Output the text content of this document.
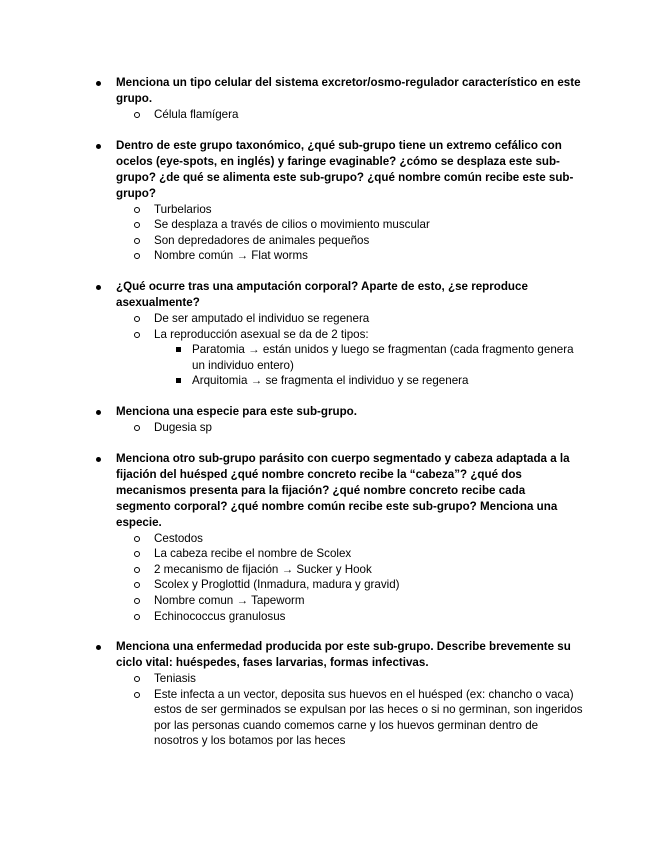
Menciona un tipo celular del sistema excretor/osmo-regulador característico en este grupo.
Célula flamígera
Dentro de este grupo taxonómico, ¿qué sub-grupo tiene un extremo cefálico con ocelos (eye-spots, en inglés) y faringe evaginable? ¿cómo se desplaza este sub-grupo? ¿de qué se alimenta este sub-grupo? ¿qué nombre común recibe este sub-grupo?
Turbelarios
Se desplaza a través de cilios o movimiento muscular
Son depredadores de animales pequeños
Nombre común → Flat worms
¿Qué ocurre tras una amputación corporal? Aparte de esto, ¿se reproduce asexualmente?
De ser amputado el individuo se regenera
La reproducción asexual se da de 2 tipos:
Paratomia → están unidos y luego se fragmentan (cada fragmento genera un individuo entero)
Arquitomia → se fragmenta el individuo y se regenera
Menciona una especie para este sub-grupo.
Dugesia sp
Menciona otro sub-grupo parásito con cuerpo segmentado y cabeza adaptada a la fijación del huésped ¿qué nombre concreto recibe la “cabeza”? ¿qué dos mecanismos presenta para la fijación? ¿qué nombre concreto recibe cada segmento corporal? ¿qué nombre común recibe este sub-grupo? Menciona una especie.
Cestodos
La cabeza recibe el nombre de Scolex
2 mecanismo de fijación → Sucker y Hook
Scolex y Proglottid (Inmadura, madura y gravid)
Nombre comun → Tapeworm
Echinococcus granulosus
Menciona una enfermedad producida por este sub-grupo. Describe brevemente su ciclo vital: huéspedes, fases larvarias, formas infectivas.
Teniasis
Este infecta a un vector, deposita sus huevos en el huésped (ex: chancho o vaca) estos de ser germinados se expulsan por las heces o si no germinan, son ingeridos por las personas cuando comemos carne y los huevos germinan dentro de nosotros y los botamos por las heces
